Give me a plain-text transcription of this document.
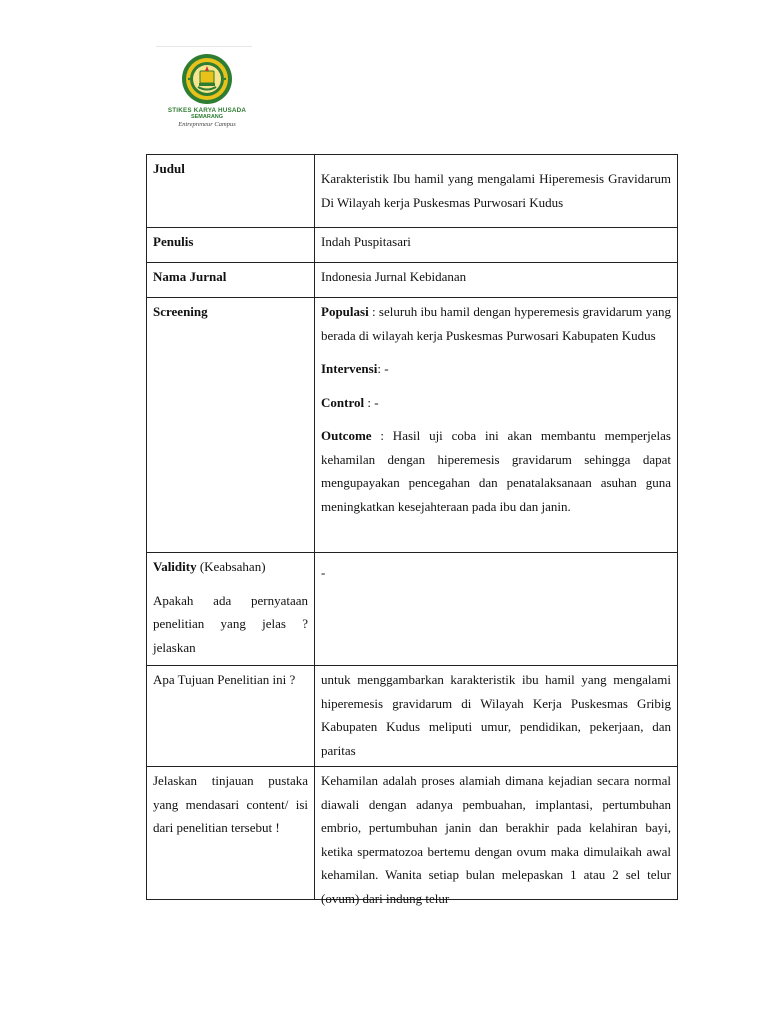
STIKES KARYA HUSADA
SEMARANG
Entrepreneur Campus
Judul	Karakteristik Ibu hamil yang mengalami Hiperemesis Gravidarum Di Wilayah kerja Puskesmas Purwosari Kudus

Penulis	Indah Puspitasari
Nama Jurnal	Indonesia Jurnal Kebidanan
Screening	Populasi : seluruh ibu hamil dengan hyperemesis gravidarum yang berada di wilayah kerja Puskesmas Purwosari Kabupaten Kudus

Intervensi: -

Control : -

Outcome : Hasil uji coba ini akan membantu memperjelas kehamilan dengan hiperemesis gravidarum sehingga dapat mengupayakan pencegahan dan penatalaksanaan asuhan guna meningkatkan kesejahteraan pada ibu dan janin.

Validity (Keabsahan)

Apakah ada pernyataan penelitian yang jelas ? jelaskan	-

Apa Tujuan Penelitian ini ?	untuk menggambarkan karakteristik ibu hamil yang mengalami hiperemesis gravidarum di Wilayah Kerja Puskesmas Gribig Kabupaten Kudus meliputi umur, pendidikan, pekerjaan, dan paritas

Jelaskan tinjauan pustaka yang mendasari content/ isi dari penelitian tersebut !	Kehamilan adalah proses alamiah dimana kejadian secara normal diawali dengan adanya pembuahan, implantasi, pertumbuhan embrio, pertumbuhan janin dan berakhir pada kelahiran bayi, ketika spermatozoa bertemu dengan ovum maka dimulaikah awal kehamilan. Wanita setiap bulan melepaskan 1 atau 2 sel telur (ovum) dari indung telur
